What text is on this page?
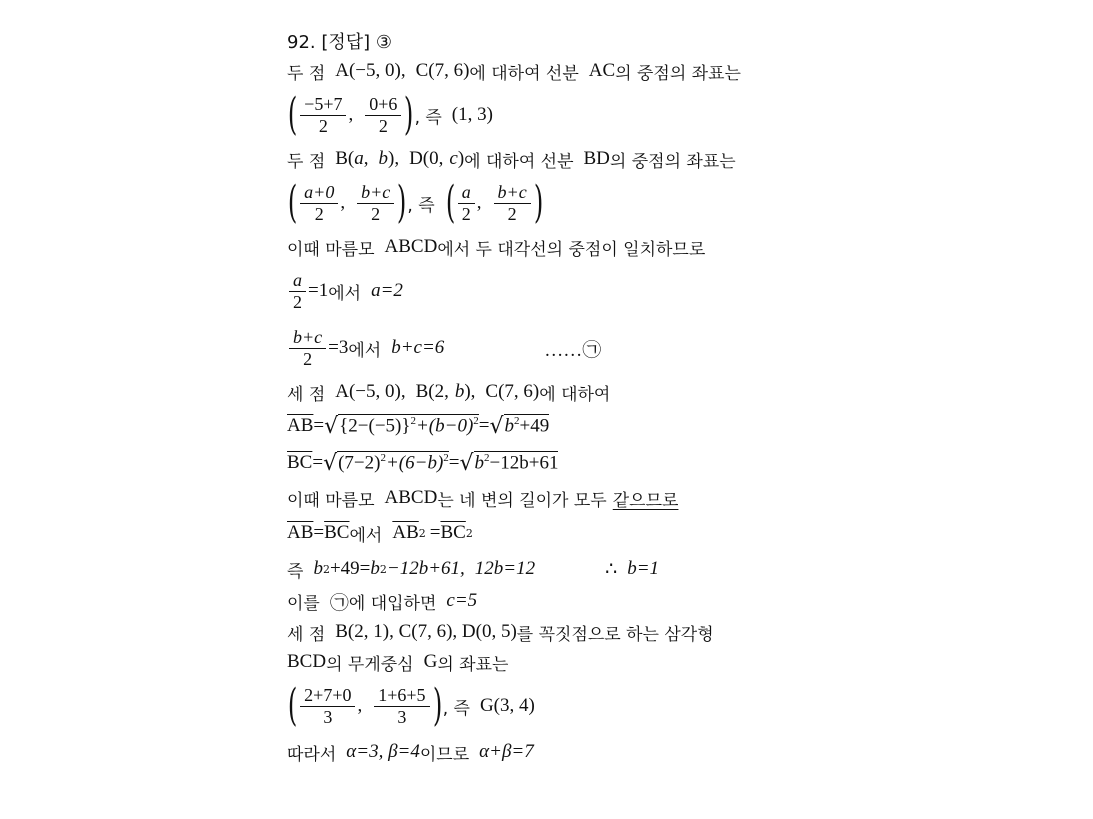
92. [정답] ③
두 점 A(−5, 0), C(7, 6) 에 대하여 선분 AC 의 중점의 좌표는
( $\frac{-5+7}{2}$ , $\frac{0+6}{2}$ ) , 즉 (1, 3)
두 점 B( a , b ), D(0, c ) 에 대하여 선분 BD 의 중점의 좌표는
( $\frac{a+0}{2}$ , $\frac{b+c}{2}$ ) , 즉 ( $\frac{a}{2}$ , $\frac{b+c}{2}$ )
이때 마름모 ABCD 에서 두 대각선의 중점이 일치하므로
$\frac{a}{2} =1$ 에서 a=2
$\frac{b+c}{2} =3$ 에서 b+c=6	……㉠
세 점 A(−5, 0), B(2, b ), C(7, 6) 에 대하여
$\overline{AB}$ = √ $\{2-(-5)\}^2+(b-0)^2$ = √ $b^2+49$
$\overline{BC}$ = √ $(7-2)^2+(6-b)^2$ = √ $b^2-12b+61$
이때 마름모 ABCD 는 네 변의 길이가 모두 같으므로
$\overline{AB} = \overline{BC}$ 에서 $\overline{AB}$ $2 = \overline{BC}$ 2
즉 b 2 +49= b 2 −12b+61, 12b=12	∴ b=1
이를 ㉠ 에 대입하면 c=5
세 점 B(2, 1), C(7, 6), D(0, 5) 를 꼭짓점으로 하는 삼각형
BCD 의 무게중심 G 의 좌표는
( $\frac{2+7+0}{3}$ , $\frac{1+6+5}{3}$ ) , 즉 G(3, 4)
따라서 α=3, β=4 이므로 α+β=7
